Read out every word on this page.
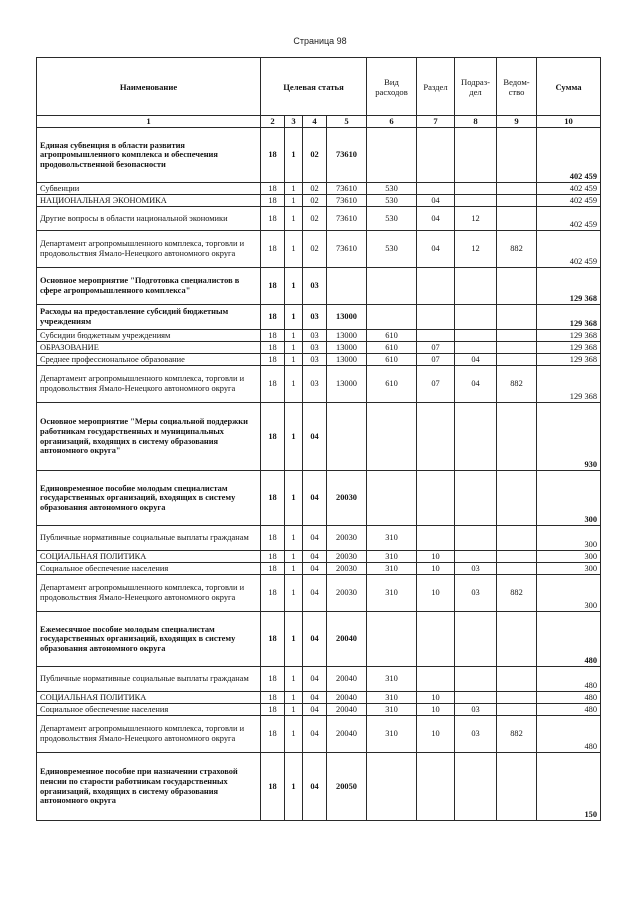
Страница 98
Наименование	Целевая статья				Вид расходов	Раздел	Подраз- дел	Ведом- ство	Сумма
1	2	3	4	5	6	7	8	9	10
Единая субвенция в области развития агропромышленного комплекса и обеспечения продовольственной безопасности	18	1	02	73610					402 459
Субвенции	18	1	02	73610	530				402 459
НАЦИОНАЛЬНАЯ ЭКОНОМИКА	18	1	02	73610	530	04			402 459
Другие вопросы в области национальной экономики	18	1	02	73610	530	04	12		402 459
Департамент агропромышленного комплекса, торговли и продовольствия Ямало-Ненецкого автономного округа	18	1	02	73610	530	04	12	882	402 459
Основное мероприятие "Подготовка специалистов в сфере агропромышленного комплекса"	18	1	03						129 368
Расходы на предоставление субсидий бюджетным учреждениям	18	1	03	13000					129 368
Субсидии бюджетным учреждениям	18	1	03	13000	610				129 368
ОБРАЗОВАНИЕ	18	1	03	13000	610	07			129 368
Среднее профессиональное образование	18	1	03	13000	610	07	04		129 368
Департамент агропромышленного комплекса, торговли и продовольствия Ямало-Ненецкого автономного округа	18	1	03	13000	610	07	04	882	129 368
Основное мероприятие "Меры социальной поддержки работникам государственных и муниципальных организаций, входящих в систему образования автономного округа"	18	1	04						930
Единовременное пособие молодым специалистам государственных организаций, входящих в систему образования автономного округа	18	1	04	20030					300
Публичные нормативные социальные выплаты гражданам	18	1	04	20030	310				300
СОЦИАЛЬНАЯ ПОЛИТИКА	18	1	04	20030	310	10			300
Социальное обеспечение населения	18	1	04	20030	310	10	03		300
Департамент агропромышленного комплекса, торговли и продовольствия Ямало-Ненецкого автономного округа	18	1	04	20030	310	10	03	882	300
Ежемесячное пособие молодым специалистам государственных организаций, входящих в систему образования автономного округа	18	1	04	20040					480
Публичные нормативные социальные выплаты гражданам	18	1	04	20040	310				480
СОЦИАЛЬНАЯ ПОЛИТИКА	18	1	04	20040	310	10			480
Социальное обеспечение населения	18	1	04	20040	310	10	03		480
Департамент агропромышленного комплекса, торговли и продовольствия Ямало-Ненецкого автономного округа	18	1	04	20040	310	10	03	882	480
Единовременное пособие при назначении страховой пенсии по старости работникам государственных организаций, входящих в систему образования автономного округа	18	1	04	20050					150
